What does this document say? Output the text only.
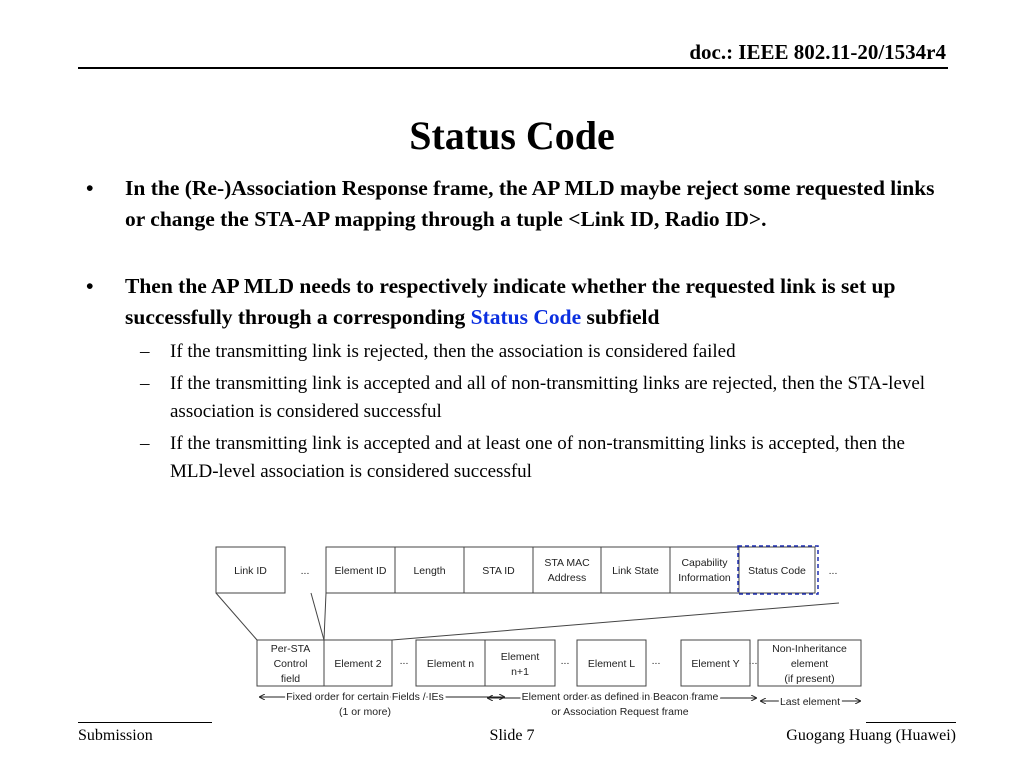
doc.: IEEE 802.11-20/1534r4
Status Code
• In the (Re-)Association Response frame, the AP MLD maybe reject some requested links or change the STA-AP mapping through a tuple <Link ID, Radio ID>.
• Then the AP MLD needs to respectively indicate whether the requested link is set up successfully through a corresponding Status Code subfield
– If the transmitting link is rejected, then the association is considered failed
– If the transmitting link is accepted and all of non-transmitting links are rejected, then the STA-level association is considered successful
– If the transmitting link is accepted and at least one of non-transmitting links is accepted, then the MLD-level association is considered successful
Link ID	... Element ID	Length	STA ID
STA MAC
Address
Link State
Capability
Information
Status Code ...
Per-STA
Control
field
Element 2 ... Element n
Element
n+1
... Element L ...	Element Y ...
Non-Inheritance
element
(if present)
Fixed order for certain Fields / IEs
(1 or more)
Element order as defined in Beacon frame
or Association Request frame
Last element
Submission	Slide 7	Guogang Huang (Huawei)
